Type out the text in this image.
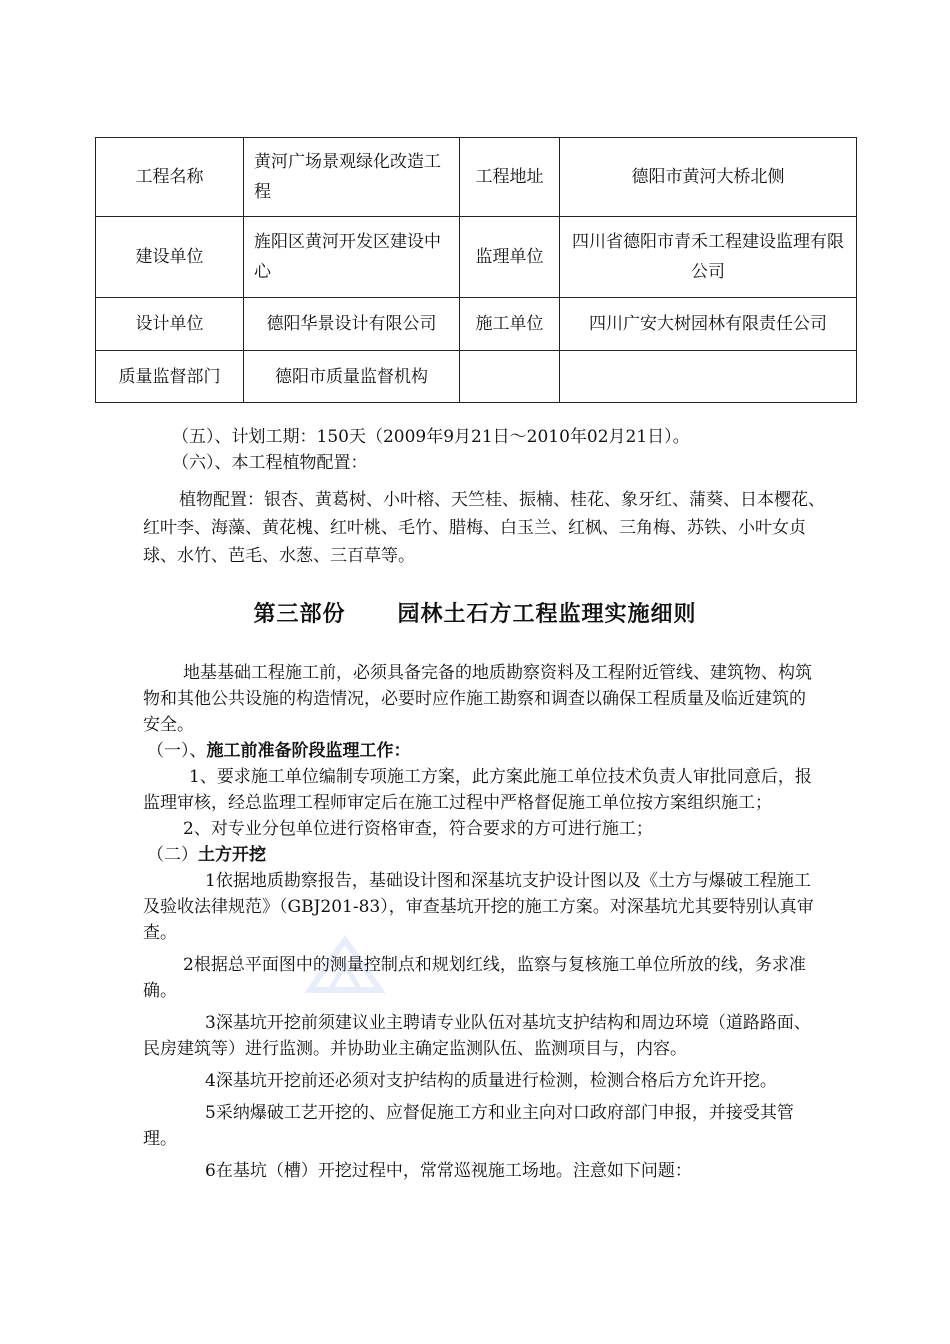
工程名称	黄河广场景观绿化改造工程	工程地址	德阳市黄河大桥北侧
建设单位	旌阳区黄河开发区建设中心	监理单位	四川省德阳市青禾工程建设监理有限公司
设计单位	德阳华景设计有限公司	施工单位	四川广安大树园林有限责任公司
质量监督部门	德阳市质量监督机构		

（五）、计划工期：150天（2009年9月21日～2010年02月21日）。

（六）、本工程植物配置：

植物配置：银杏、黄葛树、小叶榕、天竺桂、振楠、桂花、象牙红、蒲葵、日本樱花、红叶李、海藻、黄花槐、红叶桃、毛竹、腊梅、白玉兰、红枫、三角梅、苏铁、小叶女贞球、水竹、芭毛、水葱、三百草等。

第三部份 园林土石方工程监理实施细则

地基基础工程施工前，必须具备完备的地质勘察资料及工程附近管线、建筑物、构筑物和其他公共设施的构造情况，必要时应作施工勘察和调查以确保工程质量及临近建筑的安全。

（一）、施工前准备阶段监理工作：

1、要求施工单位编制专项施工方案，此方案此施工单位技术负责人审批同意后，报监理审核，经总监理工程师审定后在施工过程中严格督促施工单位按方案组织施工；

2、对专业分包单位进行资格审查，符合要求的方可进行施工；

（二）土方开挖

1依据地质勘察报告，基础设计图和深基坑支护设计图以及《土方与爆破工程施工及验收法律规范》（GBJ201-83），审查基坑开挖的施工方案。对深基坑尤其要特别认真审查。

2根据总平面图中的测量控制点和规划红线，监察与复核施工单位所放的线，务求准确。

3深基坑开挖前须建议业主聘请专业队伍对基坑支护结构和周边环境（道路路面、民房建筑等）进行监测。并协助业主确定监测队伍、监测项目与，内容。

4深基坑开挖前还必须对支护结构的质量进行检测，检测合格后方允许开挖。

5采纳爆破工艺开挖的、应督促施工方和业主向对口政府部门申报，并接受其管理。

6在基坑（槽）开挖过程中，常常巡视施工场地。注意如下问题：
